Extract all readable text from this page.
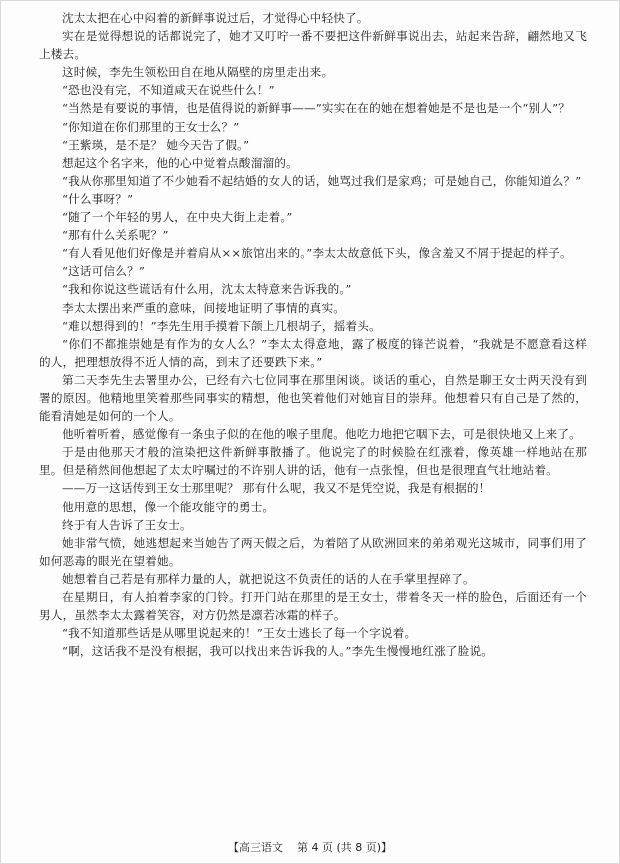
沈太太把在心中闷着的新鲜事说过后，才觉得心中轻快了。

实在是觉得想说的话都说完了，她才又叮咛一番不要把这件新鲜事说出去，站起来告辞，翩然地又飞上楼去。

这时候，李先生领松田自在地从隔壁的房里走出来。

“恐也没有完，不知道咸天在说些什么！”

“当然是有要说的事情，也是值得说的新鲜事——”实实在在的她在想着她是不是也是一个“别人”？

“你知道在你们那里的王女士么？”

“王紫瑛，是不是？ 她今天告了假。”

想起这个名字来，他的心中觉着点酸溜溜的。

“我从你那里知道了不少她看不起结婚的女人的话，她骂过我们是家鸡；可是她自己，你能知道么？”

“什么事呀？”

“随了一个年轻的男人，在中央大街上走着。”

“那有什么关系呢？”

“有人看见他们好像是并着肩从××旅馆出来的。”李太太故意低下头，像含羞又不屑于提起的样子。

“这话可信么？”

“我和你说这些谎话有什么用，沈太太特意来告诉我的。”

李太太摆出来严重的意味，间接地证明了事情的真实。

“难以想得到的！”李先生用手摸着下颌上几根胡子，摇着头。

“你们不都推崇她是有作为的女人么？”李太太得意地，露了极度的锋芒说着，“我就是不愿意看这样的人，把理想放得不近人情的高，到末了还要跌下来。”

第二天李先生去署里办公，已经有六七位同事在那里闲谈。谈话的重心，自然是聊王女士两天没有到署的原因。他精地里笑着那些同事实的精想，他也笑着他们对她盲目的崇拜。他想着只有自己是了然的，能看清她是如何的一个人。

他听着听着，感觉像有一条虫子似的在他的喉子里爬。他吃力地把它咽下去，可是很快地又上来了。

于是由他那天才般的渲染把这件新鲜事散播了。他说完了的时候脸在红涨着，像英雄一样地站在那里。但是稍然间他想起了太太咛嘱过的不许别人讲的话，他有一点张惶，但也是很理直气壮地站着。

——万一这话传到王女士那里呢？ 那有什么呢，我又不是凭空说，我是有根据的！

他用意的思想，像一个能攻能守的勇士。

终于有人告诉了王女士。

她非常气愤，她逃想起来当她告了两天假之后，为着陪了从欧洲回来的弟弟观光这城市，同事们用了如何恶毒的眼光在望着她。

她想着自己若是有那样力量的人，就把说这不负责任的话的人在手掌里捏碎了。

在星期日，有人拍着李家的门铃。打开门站在那里的是王女士，带着冬天一样的脸色，后面还有一个男人，虽然李太太露着笑容，对方仍然是凛若冰霜的样子。

“我不知道那些话是从哪里说起来的！”王女士逃长了每一个字说着。

“啊，这话我不是没有根据，我可以找出来告诉我的人。”李先生慢慢地红涨了脸说。

【高三语文 第 4 页 (共 8 页)】
